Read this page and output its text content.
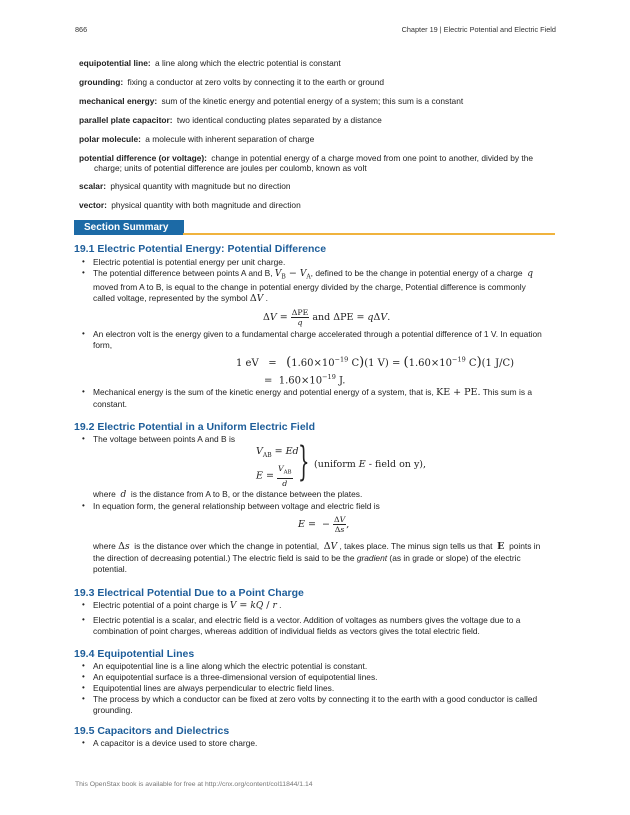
866	Chapter 19 | Electric Potential and Electric Field
equipotential line: a line along which the electric potential is constant
grounding: fixing a conductor at zero volts by connecting it to the earth or ground
mechanical energy: sum of the kinetic energy and potential energy of a system; this sum is a constant
parallel plate capacitor: two identical conducting plates separated by a distance
polar molecule: a molecule with inherent separation of charge
potential difference (or voltage): change in potential energy of a charge moved from one point to another, divided by the
charge; units of potential difference are joules per coulomb, known as volt
scalar: physical quantity with magnitude but no direction
vector: physical quantity with both magnitude and direction
Section Summary
19.1 Electric Potential Energy: Potential Difference
• Electric potential is potential energy per unit charge.
• The potential difference between points A and B, $V_B - V_A$, defined to be the change in potential energy of a charge q
moved from A to B, is equal to the change in potential energy divided by the charge, Potential difference is commonly
called voltage, represented by the symbol ΔV .
$\Delta V = \frac{\text{ΔPE}}{q}$ and ΔPE = qΔV.
• An electron volt is the energy given to a fundamental charge accelerated through a potential difference of 1 V. In equation
form,
1 eV   =   ($1.60\times 10^{-19}$ C)(1 $V) = (1.60\times 10^{-19}$ C)(1 J/C)
=  $1.60\times 10^{-19}$ J.
• Mechanical energy is the sum of the kinetic energy and potential energy of a system, that is, KE + PE. This sum is a
constant.
19.2 Electric Potential in a Uniform Electric Field
• The voltage between points A and B is
$V_{AB} = Ed$
$E = \frac{V_{AB}}{d}$ } (uniform E - field on y),
where d is the distance from A to B, or the distance between the plates.
• In equation form, the general relationship between voltage and electric field is
E =  − $\frac{\Delta V}{\Delta s}$ ,
where Δs is the distance over which the change in potential, ΔV , takes place. The minus sign tells us that E points in
the direction of decreasing potential.) The electric field is said to be the gradient (as in grade or slope) of the electric
potential.
19.3 Electrical Potential Due to a Point Charge
• Electric potential of a point charge is V = kQ / r .
• Electric potential is a scalar, and electric field is a vector. Addition of voltages as numbers gives the voltage due to a
combination of point charges, whereas addition of individual fields as vectors gives the total electric field.
19.4 Equipotential Lines
• An equipotential line is a line along which the electric potential is constant.
• An equipotential surface is a three-dimensional version of equipotential lines.
• Equipotential lines are always perpendicular to electric field lines.
• The process by which a conductor can be fixed at zero volts by connecting it to the earth with a good conductor is called
grounding.
19.5 Capacitors and Dielectrics
• A capacitor is a device used to store charge.
This OpenStax book is available for free at http://cnx.org/content/col11844/1.14
